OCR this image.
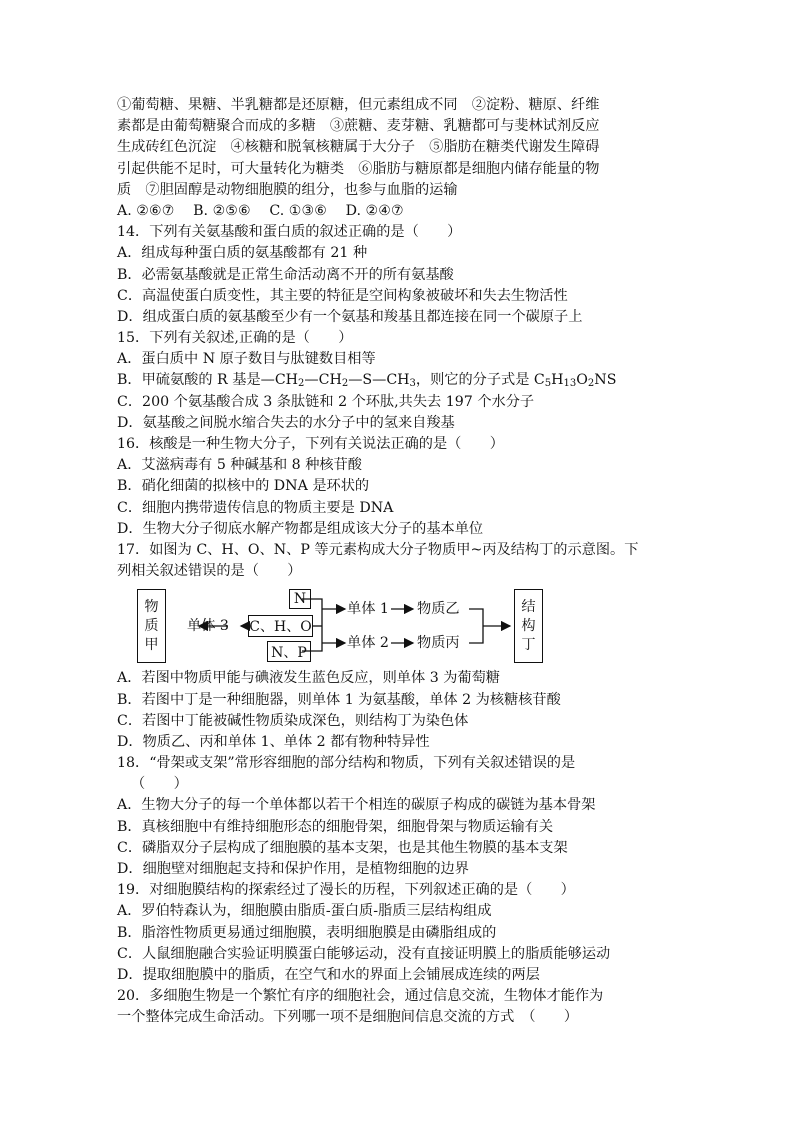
①葡萄糖、果糖、半乳糖都是还原糖，但元素组成不同　②淀粉、糖原、纤维
素都是由葡萄糖聚合而成的多糖　③蔗糖、麦芽糖、乳糖都可与斐林试剂反应
生成砖红色沉淀　④核糖和脱氧核糖属于大分子　⑤脂肪在糖类代谢发生障碍
引起供能不足时，可大量转化为糖类　⑥脂肪与糖原都是细胞内储存能量的物
质　⑦胆固醇是动物细胞膜的组分，也参与血脂的运输
A. ②⑥⑦　 B. ②⑤⑥　 C. ①③⑥　 D. ②④⑦
14．下列有关氨基酸和蛋白质的叙述正确的是（　　）
A．组成每种蛋白质的氨基酸都有 21 种
B．必需氨基酸就是正常生命活动离不开的所有氨基酸
C．高温使蛋白质变性，其主要的特征是空间构象被破坏和失去生物活性
D．组成蛋白质的氨基酸至少有一个氨基和羧基且都连接在同一个碳原子上
15．下列有关叙述,正确的是（　　）
A．蛋白质中 N 原子数目与肽键数目相等
B．甲硫氨酸的 R 基是$—CH_2—CH_2—S—CH_3$，则它的分子式是 $C_5H_{13}O_2NS$
C．200 个氨基酸合成 3 条肽链和 2 个环肽,共失去 197 个水分子
D．氨基酸之间脱水缩合失去的水分子中的氢来自羧基
16．核酸是一种生物大分子，下列有关说法正确的是（　　）
A．艾滋病毒有 5 种碱基和 8 种核苷酸
B．硝化细菌的拟核中的 DNA 是环状的
C．细胞内携带遗传信息的物质主要是 DNA
D．生物大分子彻底水解产物都是组成该大分子的基本单位
17．如图为 C、H、O、N、P 等元素构成大分子物质甲~丙及结构丁的示意图。下
列相关叙述错误的是（　　）
物
质
甲
单体 3 C、H、O
N
N、P
单体 1
单体 2
物质乙
物质丙
结
构
丁
A．若图中物质甲能与碘液发生蓝色反应，则单体 3 为葡萄糖
B．若图中丁是一种细胞器，则单体 1 为氨基酸，单体 2 为核糖核苷酸
C．若图中丁能被碱性物质染成深色，则结构丁为染色体
D．物质乙、丙和单体 1、单体 2 都有物种特异性
18．“骨架或支架”常形容细胞的部分结构和物质，下列有关叙述错误的是
（　　）
A．生物大分子的每一个单体都以若干个相连的碳原子构成的碳链为基本骨架
B．真核细胞中有维持细胞形态的细胞骨架，细胞骨架与物质运输有关
C．磷脂双分子层构成了细胞膜的基本支架，也是其他生物膜的基本支架
D．细胞壁对细胞起支持和保护作用，是植物细胞的边界
19．对细胞膜结构的探索经过了漫长的历程，下列叙述正确的是（　　）
A．罗伯特森认为，细胞膜由脂质-蛋白质-脂质三层结构组成
B．脂溶性物质更易通过细胞膜，表明细胞膜是由磷脂组成的
C．人鼠细胞融合实验证明膜蛋白能够运动，没有直接证明膜上的脂质能够运动
D．提取细胞膜中的脂质，在空气和水的界面上会铺展成连续的两层
20．多细胞生物是一个繁忙有序的细胞社会，通过信息交流，生物体才能作为
一个整体完成生命活动。下列哪一项不是细胞间信息交流的方式　（　　）
